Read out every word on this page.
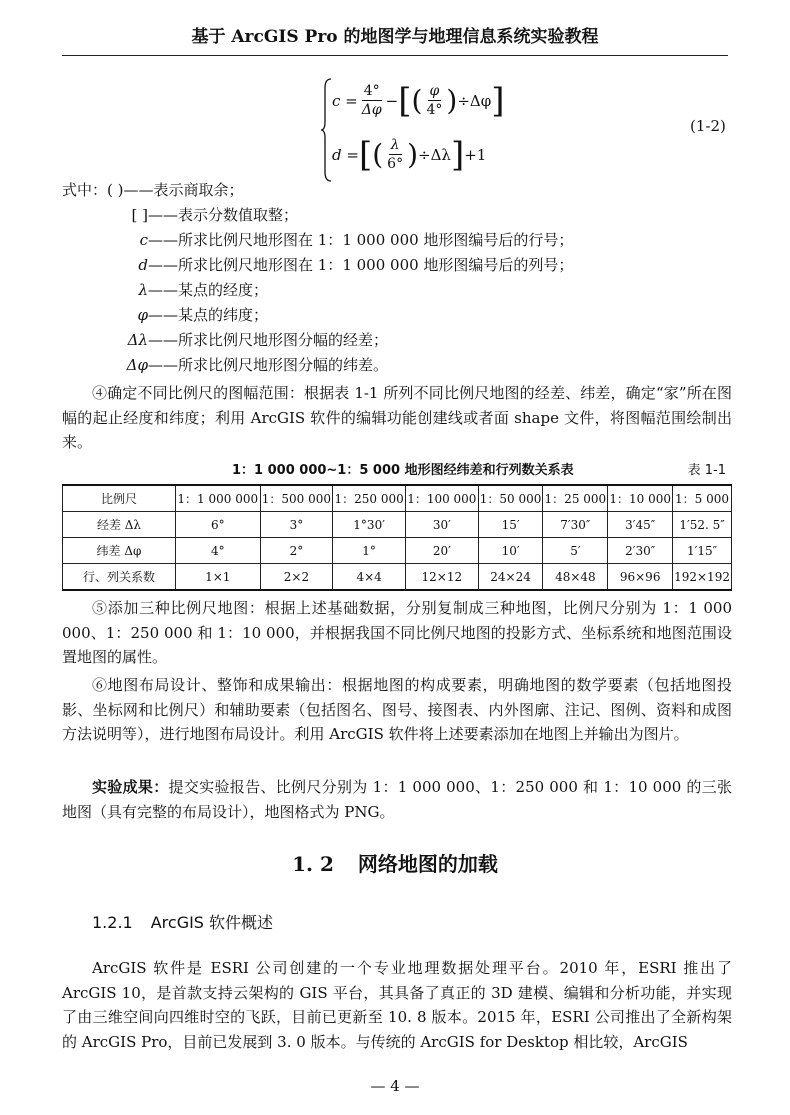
基于 ArcGIS Pro 的地图学与地理信息系统实验教程
$c = \frac{4^\circ}{\Delta\varphi}$ − [ ( $\frac{\varphi}{4^\circ}$ ) ÷Δφ ]
d = [ ( $\frac{\lambda}{6^\circ}$ ) ÷Δλ ] +1
(1-2)
式中：( )——表示商取余；
[ ]——表示分数值取整；
c——所求比例尺地形图在 1：1 000 000 地形图编号后的行号；
d——所求比例尺地形图在 1：1 000 000 地形图编号后的列号；
λ——某点的经度；
φ——某点的纬度；
Δλ——所求比例尺地形图分幅的经差；
Δφ——所求比例尺地形图分幅的纬差。
④确定不同比例尺的图幅范围：根据表 1-1 所列不同比例尺地图的经差、纬差，确定“家”所在图幅的起止经度和纬度；利用 ArcGIS 软件的编辑功能创建线或者面 shape 文件，将图幅范围绘制出来。
1：1 000 000~1：5 000 地形图经纬差和行列数关系表	表 1-1
比例尺	1：1 000 000	1：500 000	1：250 000	1：100 000	1：50 000	1：25 000	1：10 000	1：5 000
经差 Δλ	6°	3°	1°30′	30′	15′	7′30″	3′45″	1′52. 5″
纬差 Δφ	4°	2°	1°	20′	10′	5′	2′30″	1′15″
行、列关系数	1×1	2×2	4×4	12×12	24×24	48×48	96×96	192×192
⑤添加三种比例尺地图：根据上述基础数据，分别复制成三种地图，比例尺分别为 1：1 000 000、1：250 000 和 1：10 000，并根据我国不同比例尺地图的投影方式、坐标系统和地图范围设置地图的属性。
⑥地图布局设计、整饰和成果输出：根据地图的构成要素，明确地图的数学要素（包括地图投影、坐标网和比例尺）和辅助要素（包括图名、图号、接图表、内外图廓、注记、图例、资料和成图方法说明等），进行地图布局设计。利用 ArcGIS 软件将上述要素添加在地图上并输出为图片。
实验成果：提交实验报告、比例尺分别为 1：1 000 000、1：250 000 和 1：10 000 的三张地图（具有完整的布局设计），地图格式为 PNG。
1. 2 网络地图的加载
1.2.1 ArcGIS 软件概述
ArcGIS 软件是 ESRI 公司创建的一个专业地理数据处理平台。2010 年，ESRI 推出了 ArcGIS 10，是首款支持云架构的 GIS 平台，其具备了真正的 3D 建模、编辑和分析功能，并实现了由三维空间向四维时空的飞跃，目前已更新至 10. 8 版本。2015 年，ESRI 公司推出了全新构架的 ArcGIS Pro，目前已发展到 3. 0 版本。与传统的 ArcGIS for Desktop 相比较，ArcGIS
— 4 —
